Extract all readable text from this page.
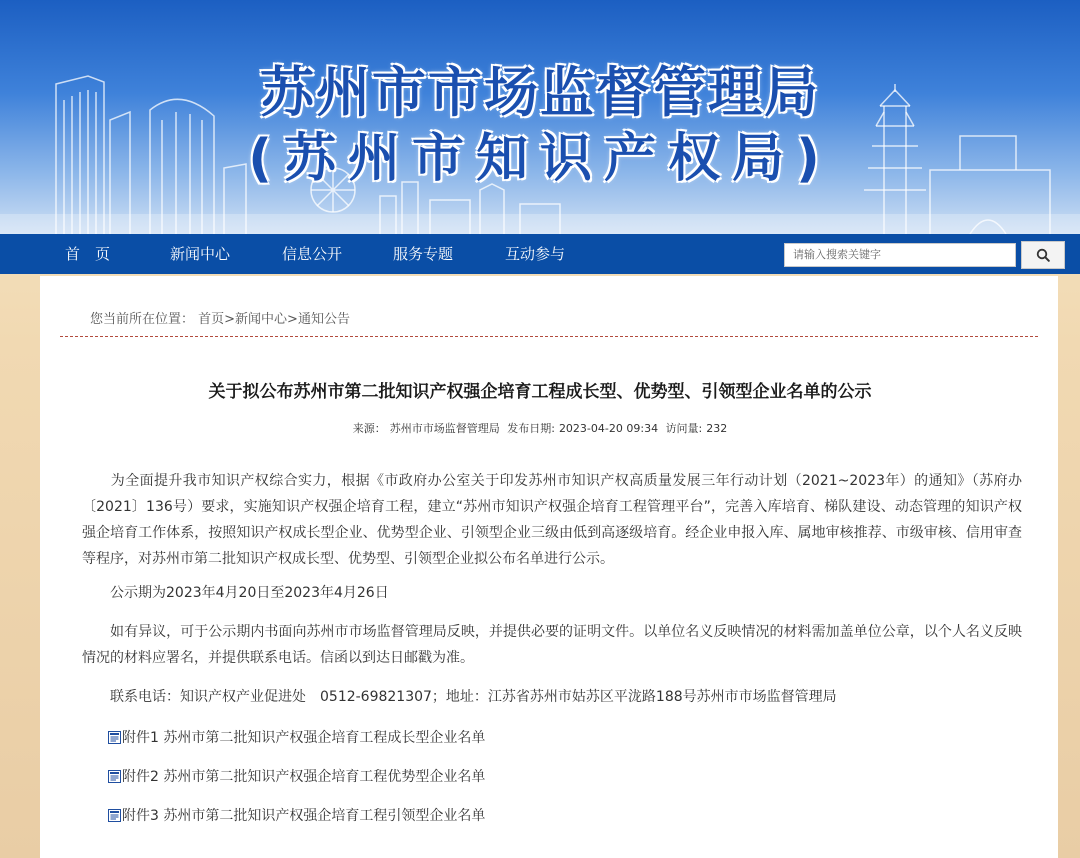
苏州市市场监督管理局
(苏州市知识产权局)
首　页	新闻中心	信息公开	服务专题	互动参与	请输入搜索关键字
您当前所在位置： 首页>新闻中心>通知公告
关于拟公布苏州市第二批知识产权强企培育工程成长型、优势型、引领型企业名单的公示
来源： 苏州市市场监督管理局 发布日期: 2023-04-20 09:34 访问量: 232
　　为全面提升我市知识产权综合实力，根据《市政府办公室关于印发苏州市知识产权高质量发展三年行动计划（2021~2023年）的通知》（苏府办〔2021〕136号）要求，实施知识产权强企培育工程，建立“苏州市知识产权强企培育工程管理平台”，完善入库培育、梯队建设、动态管理的知识产权强企培育工作体系，按照知识产权成长型企业、优势型企业、引领型企业三级由低到高逐级培育。经企业申报入库、属地审核推荐、市级审核、信用审查等程序，对苏州市第二批知识产权成长型、优势型、引领型企业拟公布名单进行公示。
　　公示期为2023年4月20日至2023年4月26日
　　如有异议，可于公示期内书面向苏州市市场监督管理局反映，并提供必要的证明文件。以单位名义反映情况的材料需加盖单位公章，以个人名义反映情况的材料应署名，并提供联系电话。信函以到达日邮戳为准。
　　联系电话：知识产权产业促进处　0512-69821307；地址：江苏省苏州市姑苏区平泷路188号苏州市市场监督管理局
附件1 苏州市第二批知识产权强企培育工程成长型企业名单
附件2 苏州市第二批知识产权强企培育工程优势型企业名单
附件3 苏州市第二批知识产权强企培育工程引领型企业名单
